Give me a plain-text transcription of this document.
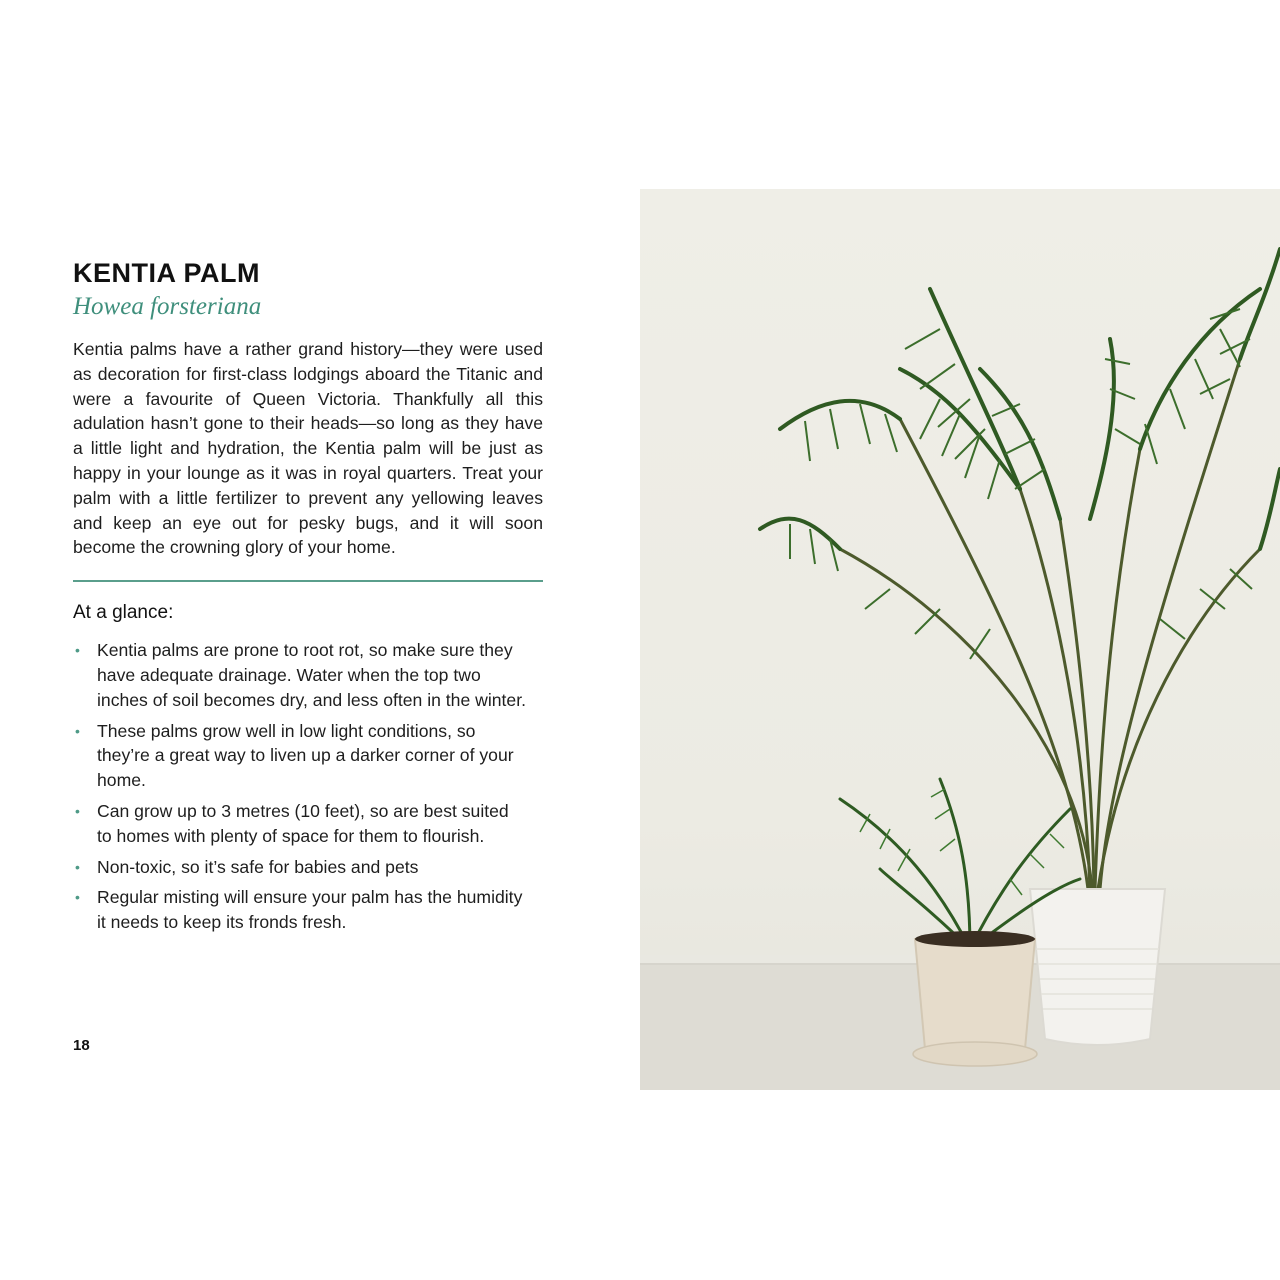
KENTIA PALM

Howea forsteriana

Kentia palms have a rather grand history—they were used as decoration for first-class lodgings aboard the Titanic and were a favourite of Queen Victoria. Thankfully all this adulation hasn’t gone to their heads—so long as they have a little light and hydration, the Kentia palm will be just as happy in your lounge as it was in royal quarters. Treat your palm with a little fertilizer to prevent any yellowing leaves and keep an eye out for pesky bugs, and it will soon become the crowning glory of your home.

At a glance:
• Kentia palms are prone to root rot, so make sure they have adequate drainage. Water when the top two inches of soil becomes dry, and less often in the winter.
• These palms grow well in low light conditions, so they’re a great way to liven up a darker corner of your home.
• Can grow up to 3 metres (10 feet), so are best suited to homes with plenty of space for them to flourish.
• Non-toxic, so it’s safe for babies and pets
• Regular misting will ensure your palm has the humidity it needs to keep its fronds fresh.
18
